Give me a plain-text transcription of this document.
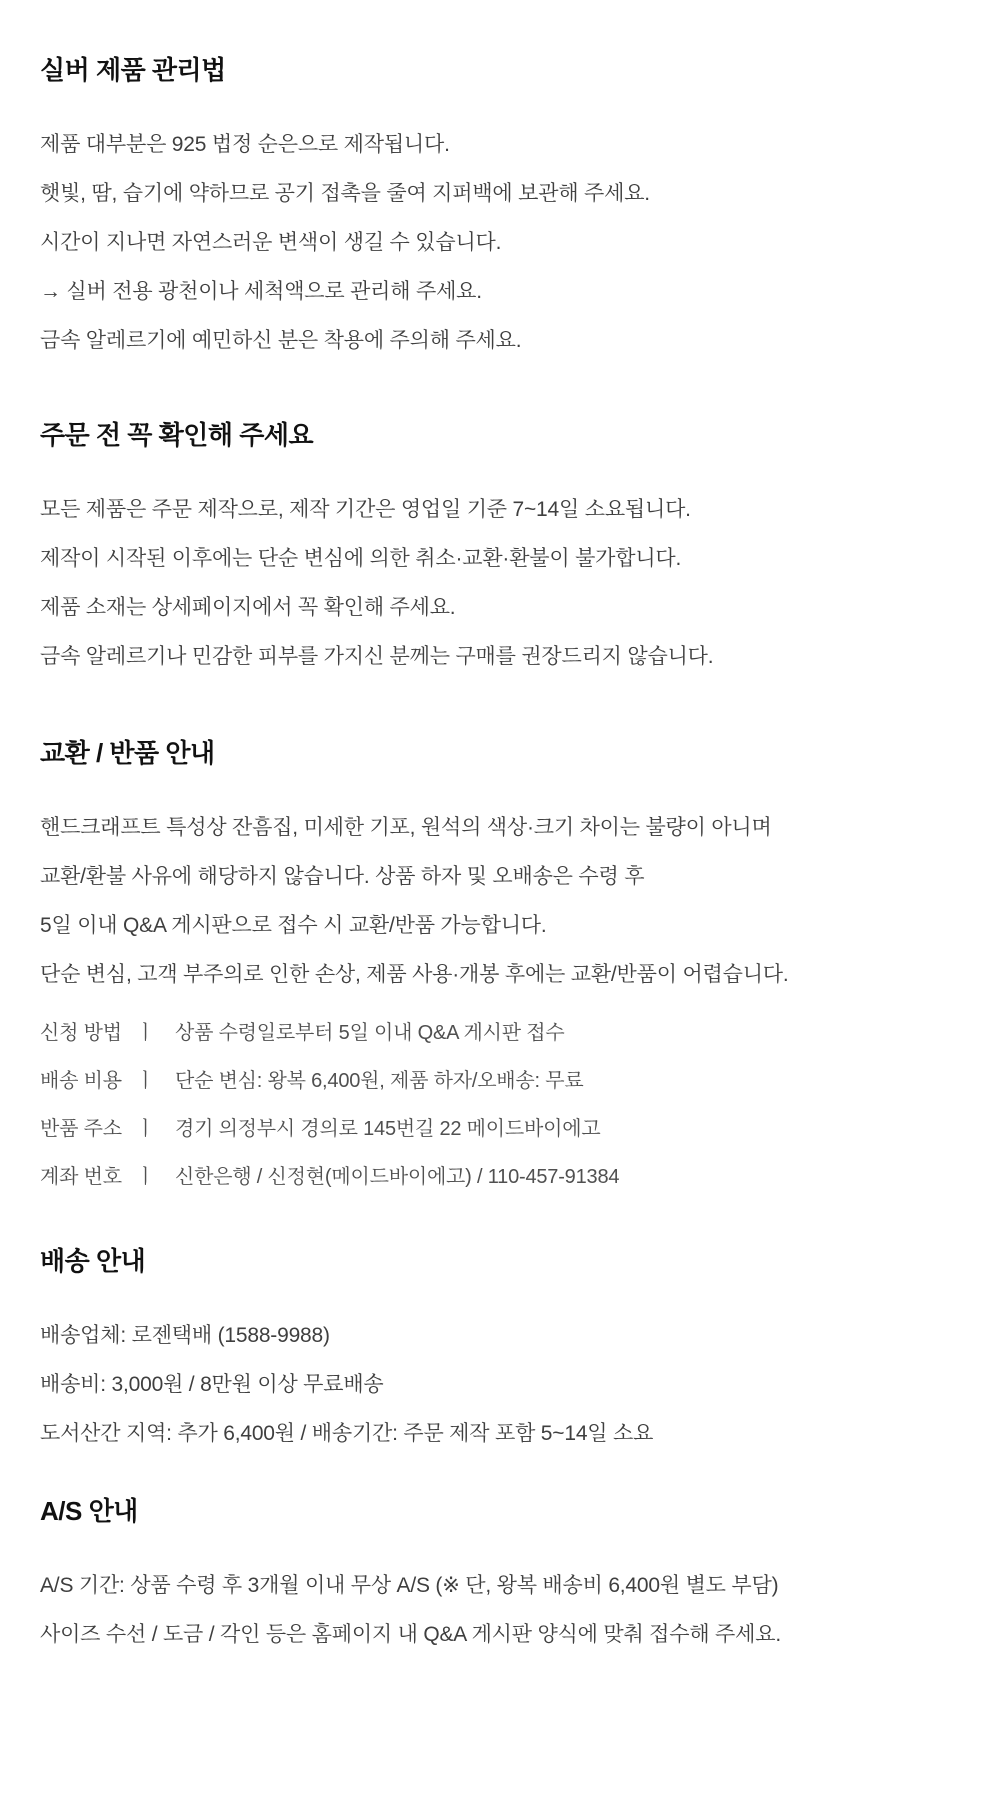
실버 제품 관리법

제품 대부분은 925 법정 순은으로 제작됩니다.

햇빛, 땀, 습기에 약하므로 공기 접촉을 줄여 지퍼백에 보관해 주세요.

시간이 지나면 자연스러운 변색이 생길 수 있습니다.

→ 실버 전용 광천이나 세척액으로 관리해 주세요.

금속 알레르기에 예민하신 분은 착용에 주의해 주세요.

주문 전 꼭 확인해 주세요

모든 제품은 주문 제작으로, 제작 기간은 영업일 기준 7~14일 소요됩니다.

제작이 시작된 이후에는 단순 변심에 의한 취소·교환·환불이 불가합니다.

제품 소재는 상세페이지에서 꼭 확인해 주세요.

금속 알레르기나 민감한 피부를 가지신 분께는 구매를 권장드리지 않습니다.

교환 / 반품 안내

핸드크래프트 특성상 잔흠집, 미세한 기포, 원석의 색상·크기 차이는 불량이 아니며

교환/환불 사유에 해당하지 않습니다. 상품 하자 및 오배송은 수령 후

5일 이내 Q&A 게시판으로 접수 시 교환/반품 가능합니다.

단순 변심, 고객 부주의로 인한 손상, 제품 사용·개봉 후에는 교환/반품이 어렵습니다.

신청 방법 ㅣ 상품 수령일로부터 5일 이내 Q&A 게시판 접수

배송 비용 ㅣ 단순 변심: 왕복 6,400원, 제품 하자/오배송: 무료

반품 주소 ㅣ 경기 의정부시 경의로 145번길 22 메이드바이에고

계좌 번호 ㅣ 신한은행 / 신정현(메이드바이에고) / 110-457-91384

배송 안내

배송업체: 로젠택배 (1588-9988)

배송비: 3,000원 / 8만원 이상 무료배송

도서산간 지역: 추가 6,400원 / 배송기간: 주문 제작 포함 5~14일 소요

A/S 안내

A/S 기간: 상품 수령 후 3개월 이내 무상 A/S (※ 단, 왕복 배송비 6,400원 별도 부담)

사이즈 수선 / 도금 / 각인 등은 홈페이지 내 Q&A 게시판 양식에 맞춰 접수해 주세요.
